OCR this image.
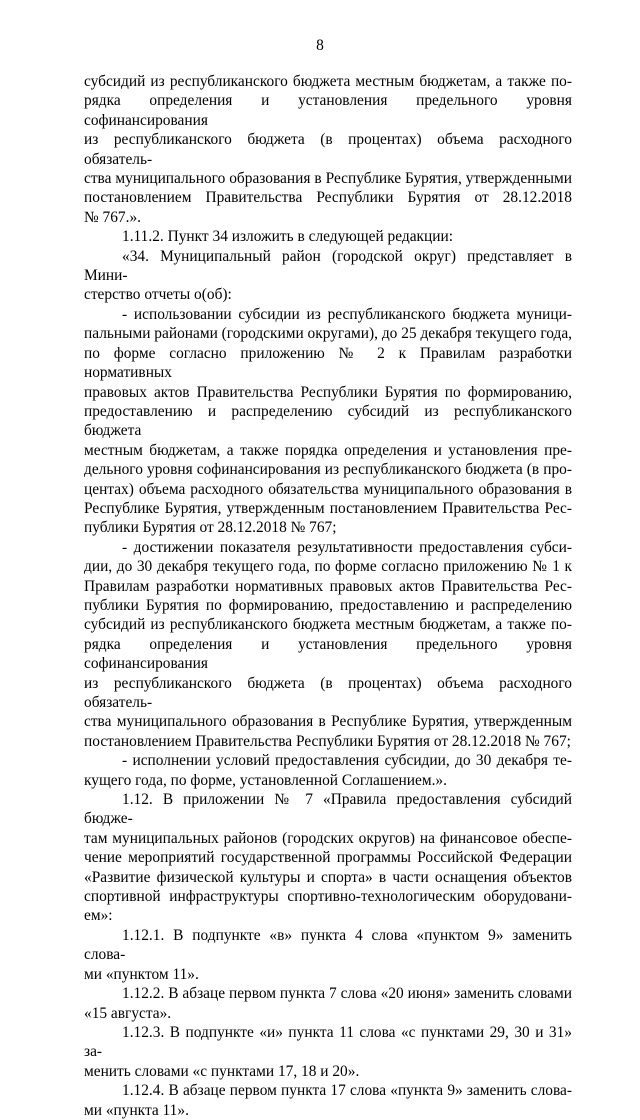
8
субсидий из республиканского бюджета местным бюджетам, а также по-
рядка определения и установления предельного уровня софинансирования
из республиканского бюджета (в процентах) объема расходного обязатель-
ства муниципального образования в Республике Бурятия, утвержденными
постановлением Правительства Республики Бурятия от 28.12.2018
№ 767.».
1.11.2. Пункт 34 изложить в следующей редакции:
«34. Муниципальный район (городской округ) представляет в Мини-
стерство отчеты о(об):
- использовании субсидии из республиканского бюджета муници-
пальными районами (городскими округами), до 25 декабря текущего года,
по форме согласно приложению № 2 к Правилам разработки нормативных
правовых актов Правительства Республики Бурятия по формированию,
предоставлению и распределению субсидий из республиканского бюджета
местным бюджетам, а также порядка определения и установления пре-
дельного уровня софинансирования из республиканского бюджета (в про-
центах) объема расходного обязательства муниципального образования в
Республике Бурятия, утвержденным постановлением Правительства Рес-
публики Бурятия от 28.12.2018 № 767;
- достижении показателя результативности предоставления субси-
дии, до 30 декабря текущего года, по форме согласно приложению № 1 к
Правилам разработки нормативных правовых актов Правительства Рес-
публики Бурятия по формированию, предоставлению и распределению
субсидий из республиканского бюджета местным бюджетам, а также по-
рядка определения и установления предельного уровня софинансирования
из республиканского бюджета (в процентах) объема расходного обязатель-
ства муниципального образования в Республике Бурятия, утвержденным
постановлением Правительства Республики Бурятия от 28.12.2018 № 767;
- исполнении условий предоставления субсидии, до 30 декабря те-
кущего года, по форме, установленной Соглашением.».
1.12. В приложении № 7 «Правила предоставления субсидий бюдже-
там муниципальных районов (городских округов) на финансовое обеспе-
чение мероприятий государственной программы Российской Федерации
«Развитие физической культуры и спорта» в части оснащения объектов
спортивной инфраструктуры спортивно-технологическим оборудовани-
ем»:
1.12.1. В подпункте «в» пункта 4 слова «пунктом 9» заменить слова-
ми «пунктом 11».
1.12.2. В абзаце первом пункта 7 слова «20 июня» заменить словами
«15 августа».
1.12.3. В подпункте «и» пункта 11 слова «с пунктами 29, 30 и 31» за-
менить словами «с пунктами 17, 18 и 20».
1.12.4. В абзаце первом пункта 17 слова «пункта 9» заменить слова-
ми «пункта 11».
